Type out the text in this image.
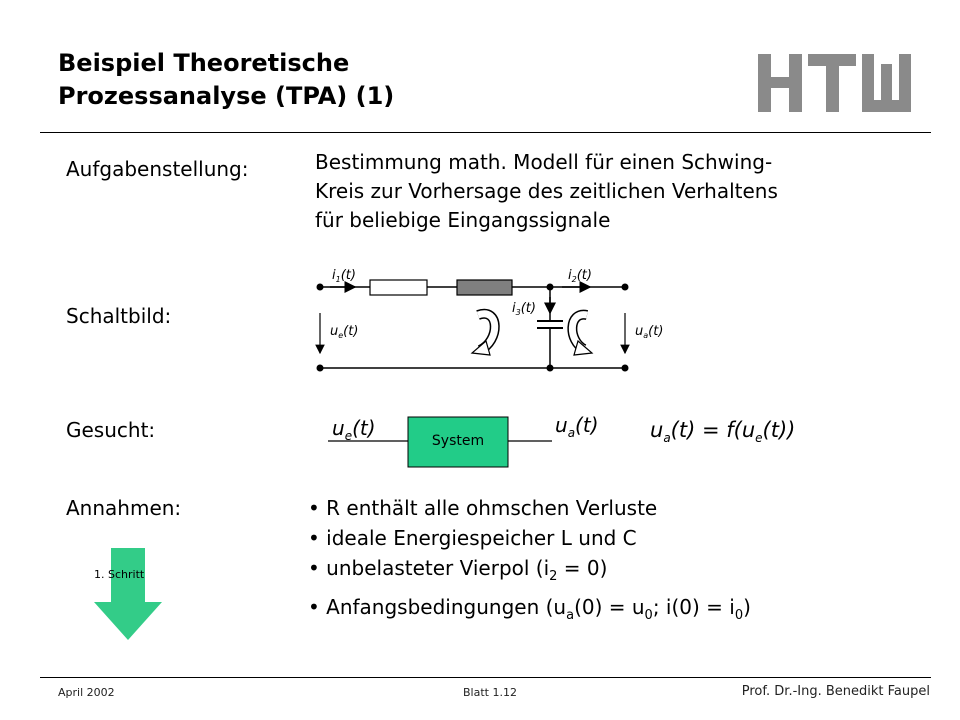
Beispiel Theoretische
Prozessanalyse (TPA) (1)	HTW
Aufgabenstellung:	Bestimmung math. Modell für einen Schwing-
Kreis zur Vorhersage des zeitlichen Verhaltens
für beliebige Eingangssignale
Schaltbild:
$i_1(t)$	$i_2(t)$
$i_3(t)$
$u_e(t)$	$u_a(t)$
Gesucht:	System
$u_e(t)$	$u_a(t) u_a(t) = f(u_e(t))$
Annahmen:
1. Schritt
• R enthält alle ohmschen Verluste
• ideale Energiespeicher L und C
• unbelasteter Vierpol $(i_2 = 0)$
• Anfangsbedingungen ($u_a(0) = u_0$; $i(0) = i_0$)
April 2002	Blatt 1.12	Prof. Dr.-Ing. Benedikt Faupel
